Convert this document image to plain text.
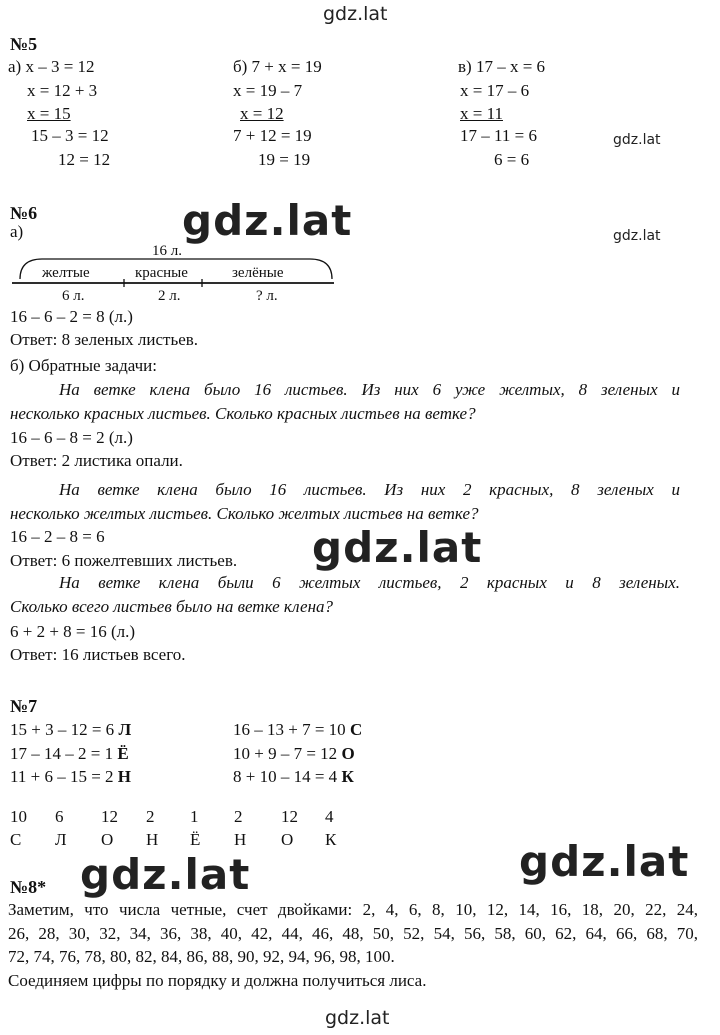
gdz.lat
gdz.lat
gdz.lat	gdz.lat
gdz.lat
gdz.lat	gdz.lat
gdz.lat
№5
а) x – 3 = 12
x = 12 + 3
x = 15
15 – 3 = 12
12 = 12
б) 7 + x = 19
x = 19 – 7
x = 12
7 + 12 = 19
19 = 19
в) 17 – x = 6
x = 17 – 6
x = 11
17 – 11 = 6
6 = 6
№6
а)
16 л.
желтые	красные	зелёные
6 л.	2 л.	? л.
16 – 6 – 2 = 8 (л.)
Ответ: 8 зеленых листьев.
б) Обратные задачи:
На ветке клена было 16 листьев. Из них 6 уже желтых, 8 зеленых и
несколько красных листьев. Сколько красных листьев на ветке?
16 – 6 – 8 = 2 (л.)
Ответ: 2 листика опали.
На ветке клена было 16 листьев. Из них 2 красных, 8 зеленых и
несколько желтых листьев. Сколько желтых листьев на ветке?
16 – 2 – 8 = 6
Ответ: 6 пожелтевших листьев.
На ветке клена были 6 желтых листьев, 2 красных и 8 зеленых.
Сколько всего листьев было на ветке клена?
6 + 2 + 8 = 16 (л.)
Ответ: 16 листьев всего.
№7
15 + 3 – 12 = 6 Л	16 – 13 + 7 = 10 С
17 – 14 – 2 = 1 Ё	10 + 9 – 7 = 12 О
11 + 6 – 15 = 2 Н	8 + 10 – 14 = 4 К
10 6 12 2 1 2 12 4
С Л О Н Ё Н О К
№8*
Заметим, что числа четные, счет двойками: 2, 4, 6, 8, 10, 12, 14, 16, 18, 20, 22, 24,
26, 28, 30, 32, 34, 36, 38, 40, 42, 44, 46, 48, 50, 52, 54, 56, 58, 60, 62, 64, 66, 68, 70,
72, 74, 76, 78, 80, 82, 84, 86, 88, 90, 92, 94, 96, 98, 100.
Соединяем цифры по порядку и должна получиться лиса.
